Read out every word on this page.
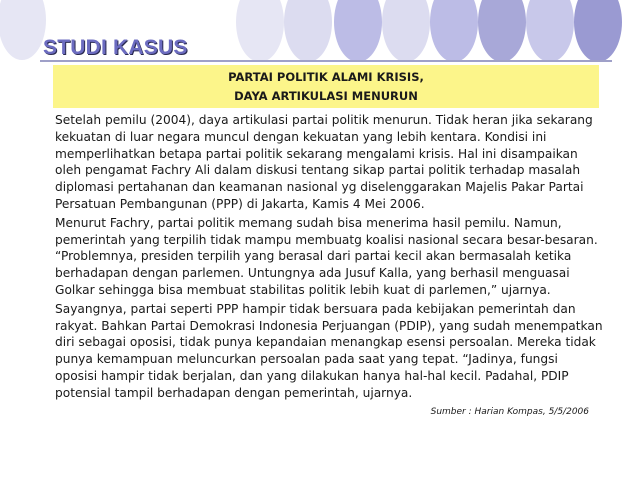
STUDI KASUS
PARTAI POLITIK ALAMI KRISIS,
DAYA ARTIKULASI MENURUN

Setelah pemilu (2004), daya artikulasi partai politik menurun. Tidak heran jika sekarang kekuatan di luar negara muncul dengan kekuatan yang lebih kentara. Kondisi ini memperlihatkan betapa partai politik sekarang mengalami krisis. Hal ini disampaikan oleh pengamat Fachry Ali dalam diskusi tentang sikap partai politik terhadap masalah diplomasi pertahanan dan keamanan nasional yg diselenggarakan Majelis Pakar Partai Persatuan Pembangunan (PPP) di Jakarta, Kamis 4 Mei 2006.

Menurut Fachry, partai politik memang sudah bisa menerima hasil pemilu. Namun, pemerintah yang terpilih tidak mampu membuatg koalisi nasional secara besar-besaran. “Problemnya, presiden terpilih yang berasal dari partai kecil akan bermasalah ketika berhadapan dengan parlemen. Untungnya ada Jusuf Kalla, yang berhasil menguasai Golkar sehingga bisa membuat stabilitas politik lebih kuat di parlemen,” ujarnya.

Sayangnya, partai seperti PPP hampir tidak bersuara pada kebijakan pemerintah dan rakyat. Bahkan Partai Demokrasi Indonesia Perjuangan (PDIP), yang sudah menempatkan diri sebagai oposisi, tidak punya kepandaian menangkap esensi persoalan. Mereka tidak punya kemampuan meluncurkan persoalan pada saat yang tepat. “Jadinya, fungsi oposisi hampir tidak berjalan, dan yang dilakukan hanya hal-hal kecil. Padahal, PDIP potensial tampil berhadapan dengan pemerintah, ujarnya.

Sumber : Harian Kompas, 5/5/2006
